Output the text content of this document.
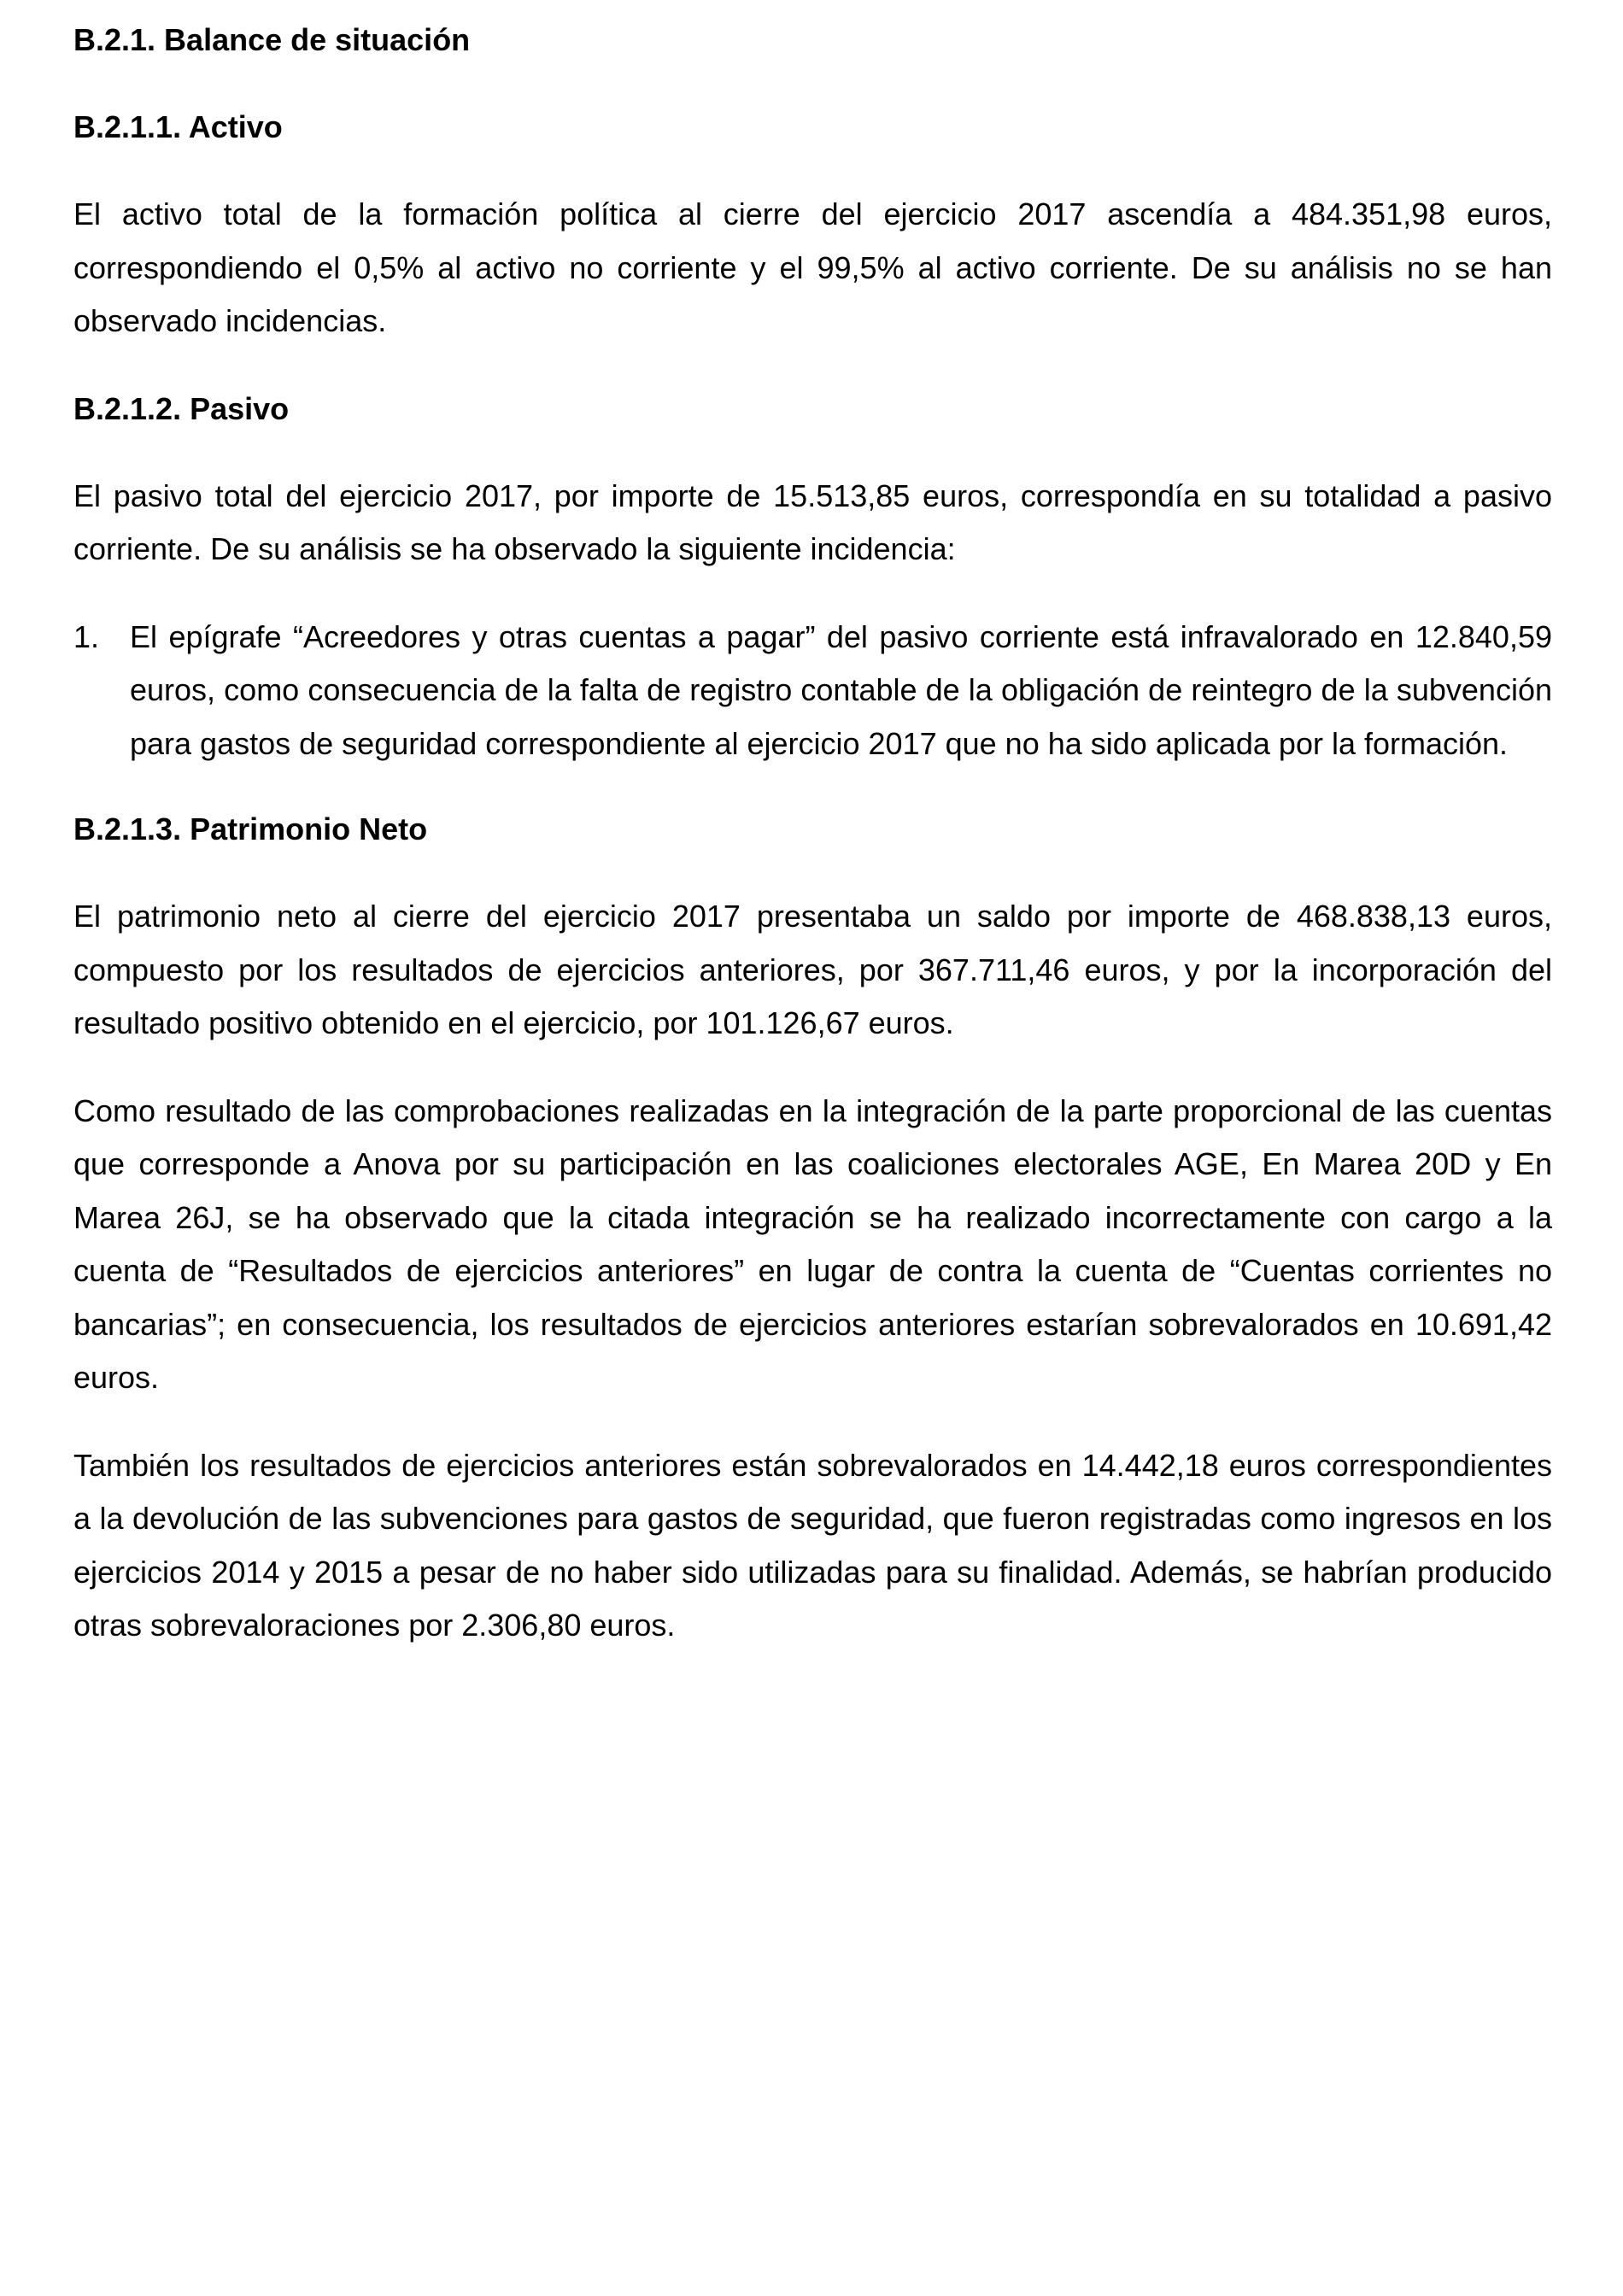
B.2.1. Balance de situación
B.2.1.1. Activo

El activo total de la formación política al cierre del ejercicio 2017 ascendía a 484.351,98 euros, correspondiendo el 0,5% al activo no corriente y el 99,5% al activo corriente. De su análisis no se han observado incidencias.

B.2.1.2. Pasivo

El pasivo total del ejercicio 2017, por importe de 15.513,85 euros, correspondía en su totalidad a pasivo corriente. De su análisis se ha observado la siguiente incidencia:

1. El epígrafe “Acreedores y otras cuentas a pagar” del pasivo corriente está infravalorado en 12.840,59 euros, como consecuencia de la falta de registro contable de la obligación de reintegro de la subvención para gastos de seguridad correspondiente al ejercicio 2017 que no ha sido aplicada por la formación.

B.2.1.3. Patrimonio Neto

El patrimonio neto al cierre del ejercicio 2017 presentaba un saldo por importe de 468.838,13 euros, compuesto por los resultados de ejercicios anteriores, por 367.711,46 euros, y por la incorporación del resultado positivo obtenido en el ejercicio, por 101.126,67 euros.

Como resultado de las comprobaciones realizadas en la integración de la parte proporcional de las cuentas que corresponde a Anova por su participación en las coaliciones electorales AGE, En Marea 20D y En Marea 26J, se ha observado que la citada integración se ha realizado incorrectamente con cargo a la cuenta de “Resultados de ejercicios anteriores” en lugar de contra la cuenta de “Cuentas corrientes no bancarias”; en consecuencia, los resultados de ejercicios anteriores estarían sobrevalorados en 10.691,42 euros.

También los resultados de ejercicios anteriores están sobrevalorados en 14.442,18 euros correspondientes a la devolución de las subvenciones para gastos de seguridad, que fueron registradas como ingresos en los ejercicios 2014 y 2015 a pesar de no haber sido utilizadas para su finalidad. Además, se habrían producido otras sobrevaloraciones por 2.306,80 euros.
